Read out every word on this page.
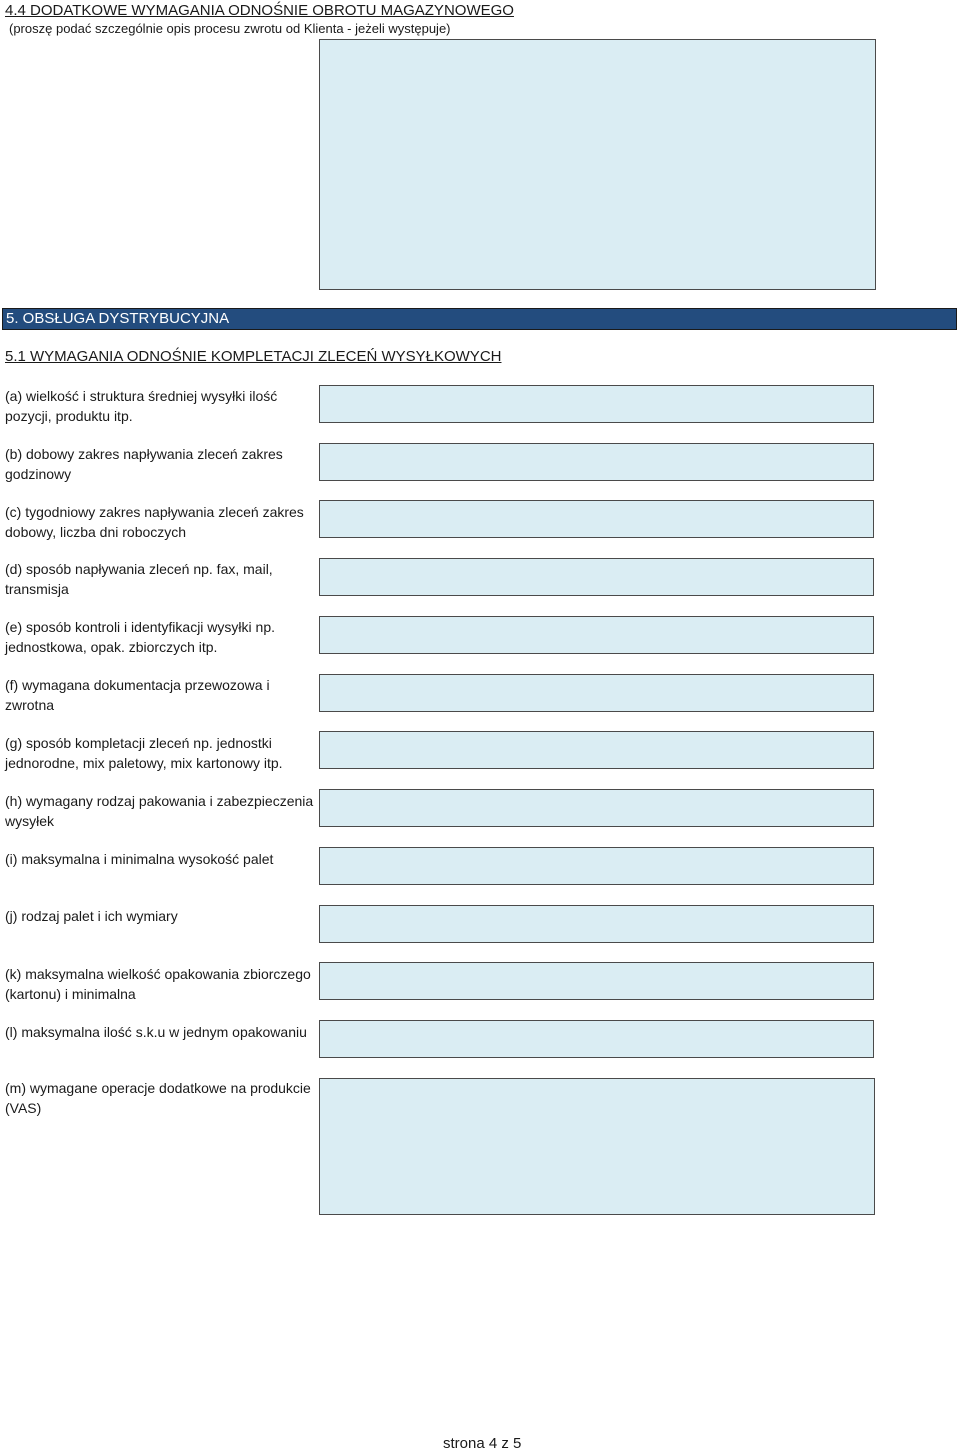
4.4 DODATKOWE WYMAGANIA ODNOŚNIE OBROTU MAGAZYNOWEGO
(proszę podać szczególnie opis procesu zwrotu od Klienta - jeżeli występuje)
5. OBSŁUGA DYSTRYBUCYJNA
5.1 WYMAGANIA ODNOŚNIE KOMPLETACJI ZLECEŃ WYSYŁKOWYCH
(a) wielkość i struktura średniej wysyłki ilość pozycji, produktu itp.
(b) dobowy zakres napływania zleceń zakres godzinowy
(c) tygodniowy zakres napływania zleceń zakres dobowy, liczba dni roboczych
(d) sposób napływania zleceń np. fax, mail, transmisja
(e) sposób kontroli i identyfikacji wysyłki np. jednostkowa, opak. zbiorczych itp.
(f) wymagana dokumentacja przewozowa i zwrotna
(g) sposób kompletacji zleceń np. jednostki jednorodne, mix paletowy, mix kartonowy itp.
(h) wymagany rodzaj pakowania i zabezpieczenia wysyłek
(i) maksymalna i minimalna wysokość palet
(j) rodzaj palet i ich wymiary
(k) maksymalna wielkość opakowania zbiorczego (kartonu) i minimalna
(l) maksymalna ilość s.k.u w jednym opakowaniu
(m) wymagane operacje dodatkowe na produkcie (VAS)
strona 4 z 5
